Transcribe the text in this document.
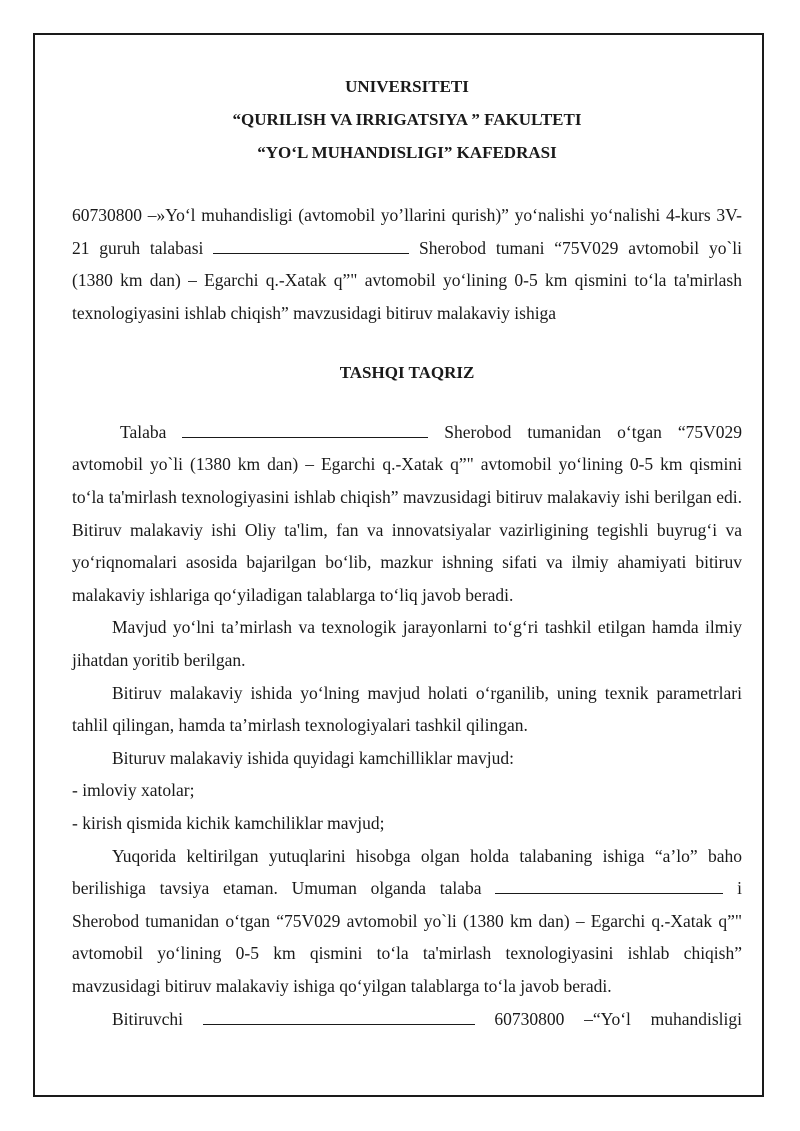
UNIVERSITETI

“QURILISH VA IRRIGATSIYA ” FAKULTETI

“YO‘L MUHANDISLIGI” KAFEDRASI

60730800 –»Yo‘l muhandisligi (avtomobil yo’llarini qurish)” yo‘nalishi yo‘nalishi 4-kurs 3V-21 guruh talabasi	Sherobod tumani “75V029 avtomobil yo`li (1380 km dan) – Egarchi q.-Xatak q”" avtomobil yo‘lining 0-5 km qismini to‘la ta'mirlash texnologiyasini ishlab chiqish” mavzusidagi bitiruv malakaviy ishiga

TASHQI TAQRIZ

Talaba	Sherobod tumanidan o‘tgan “75V029 avtomobil yo`li (1380 km dan) – Egarchi q.-Xatak q”" avtomobil yo‘lining 0-5 km qismini to‘la ta'mirlash texnologiyasini ishlab chiqish” mavzusidagi bitiruv malakaviy ishi berilgan edi. Bitiruv malakaviy ishi Oliy ta'lim, fan va innovatsiyalar vazirligining tegishli buyrug‘i va yo‘riqnomalari asosida bajarilgan bo‘lib, mazkur ishning sifati va ilmiy ahamiyati bitiruv malakaviy ishlariga qo‘yiladigan talablarga to‘liq javob beradi.

Mavjud yo‘lni ta’mirlash va texnologik jarayonlarni to‘g‘ri tashkil etilgan hamda ilmiy jihatdan yoritib berilgan.

Bitiruv malakaviy ishida yo‘lning mavjud holati o‘rganilib, uning texnik parametrlari tahlil qilingan, hamda ta’mirlash texnologiyalari tashkil qilingan.

Bituruv malakaviy ishida quyidagi kamchilliklar mavjud:

- imloviy xatolar;

- kirish qismida kichik kamchiliklar mavjud;

Yuqorida keltirilgan yutuqlarini hisobga olgan holda talabaning ishiga “a’lo” baho berilishiga tavsiya etaman. Umuman olganda talaba	i Sherobod tumanidan o‘tgan “75V029 avtomobil yo`li (1380 km dan) – Egarchi q.-Xatak q”" avtomobil yo‘lining 0-5 km qismini to‘la ta'mirlash texnologiyasini ishlab chiqish” mavzusidagi bitiruv malakaviy ishiga qo‘yilgan talablarga to‘la javob beradi.

Bitiruvchi	60730800 –“Yo‘l muhandisligi
